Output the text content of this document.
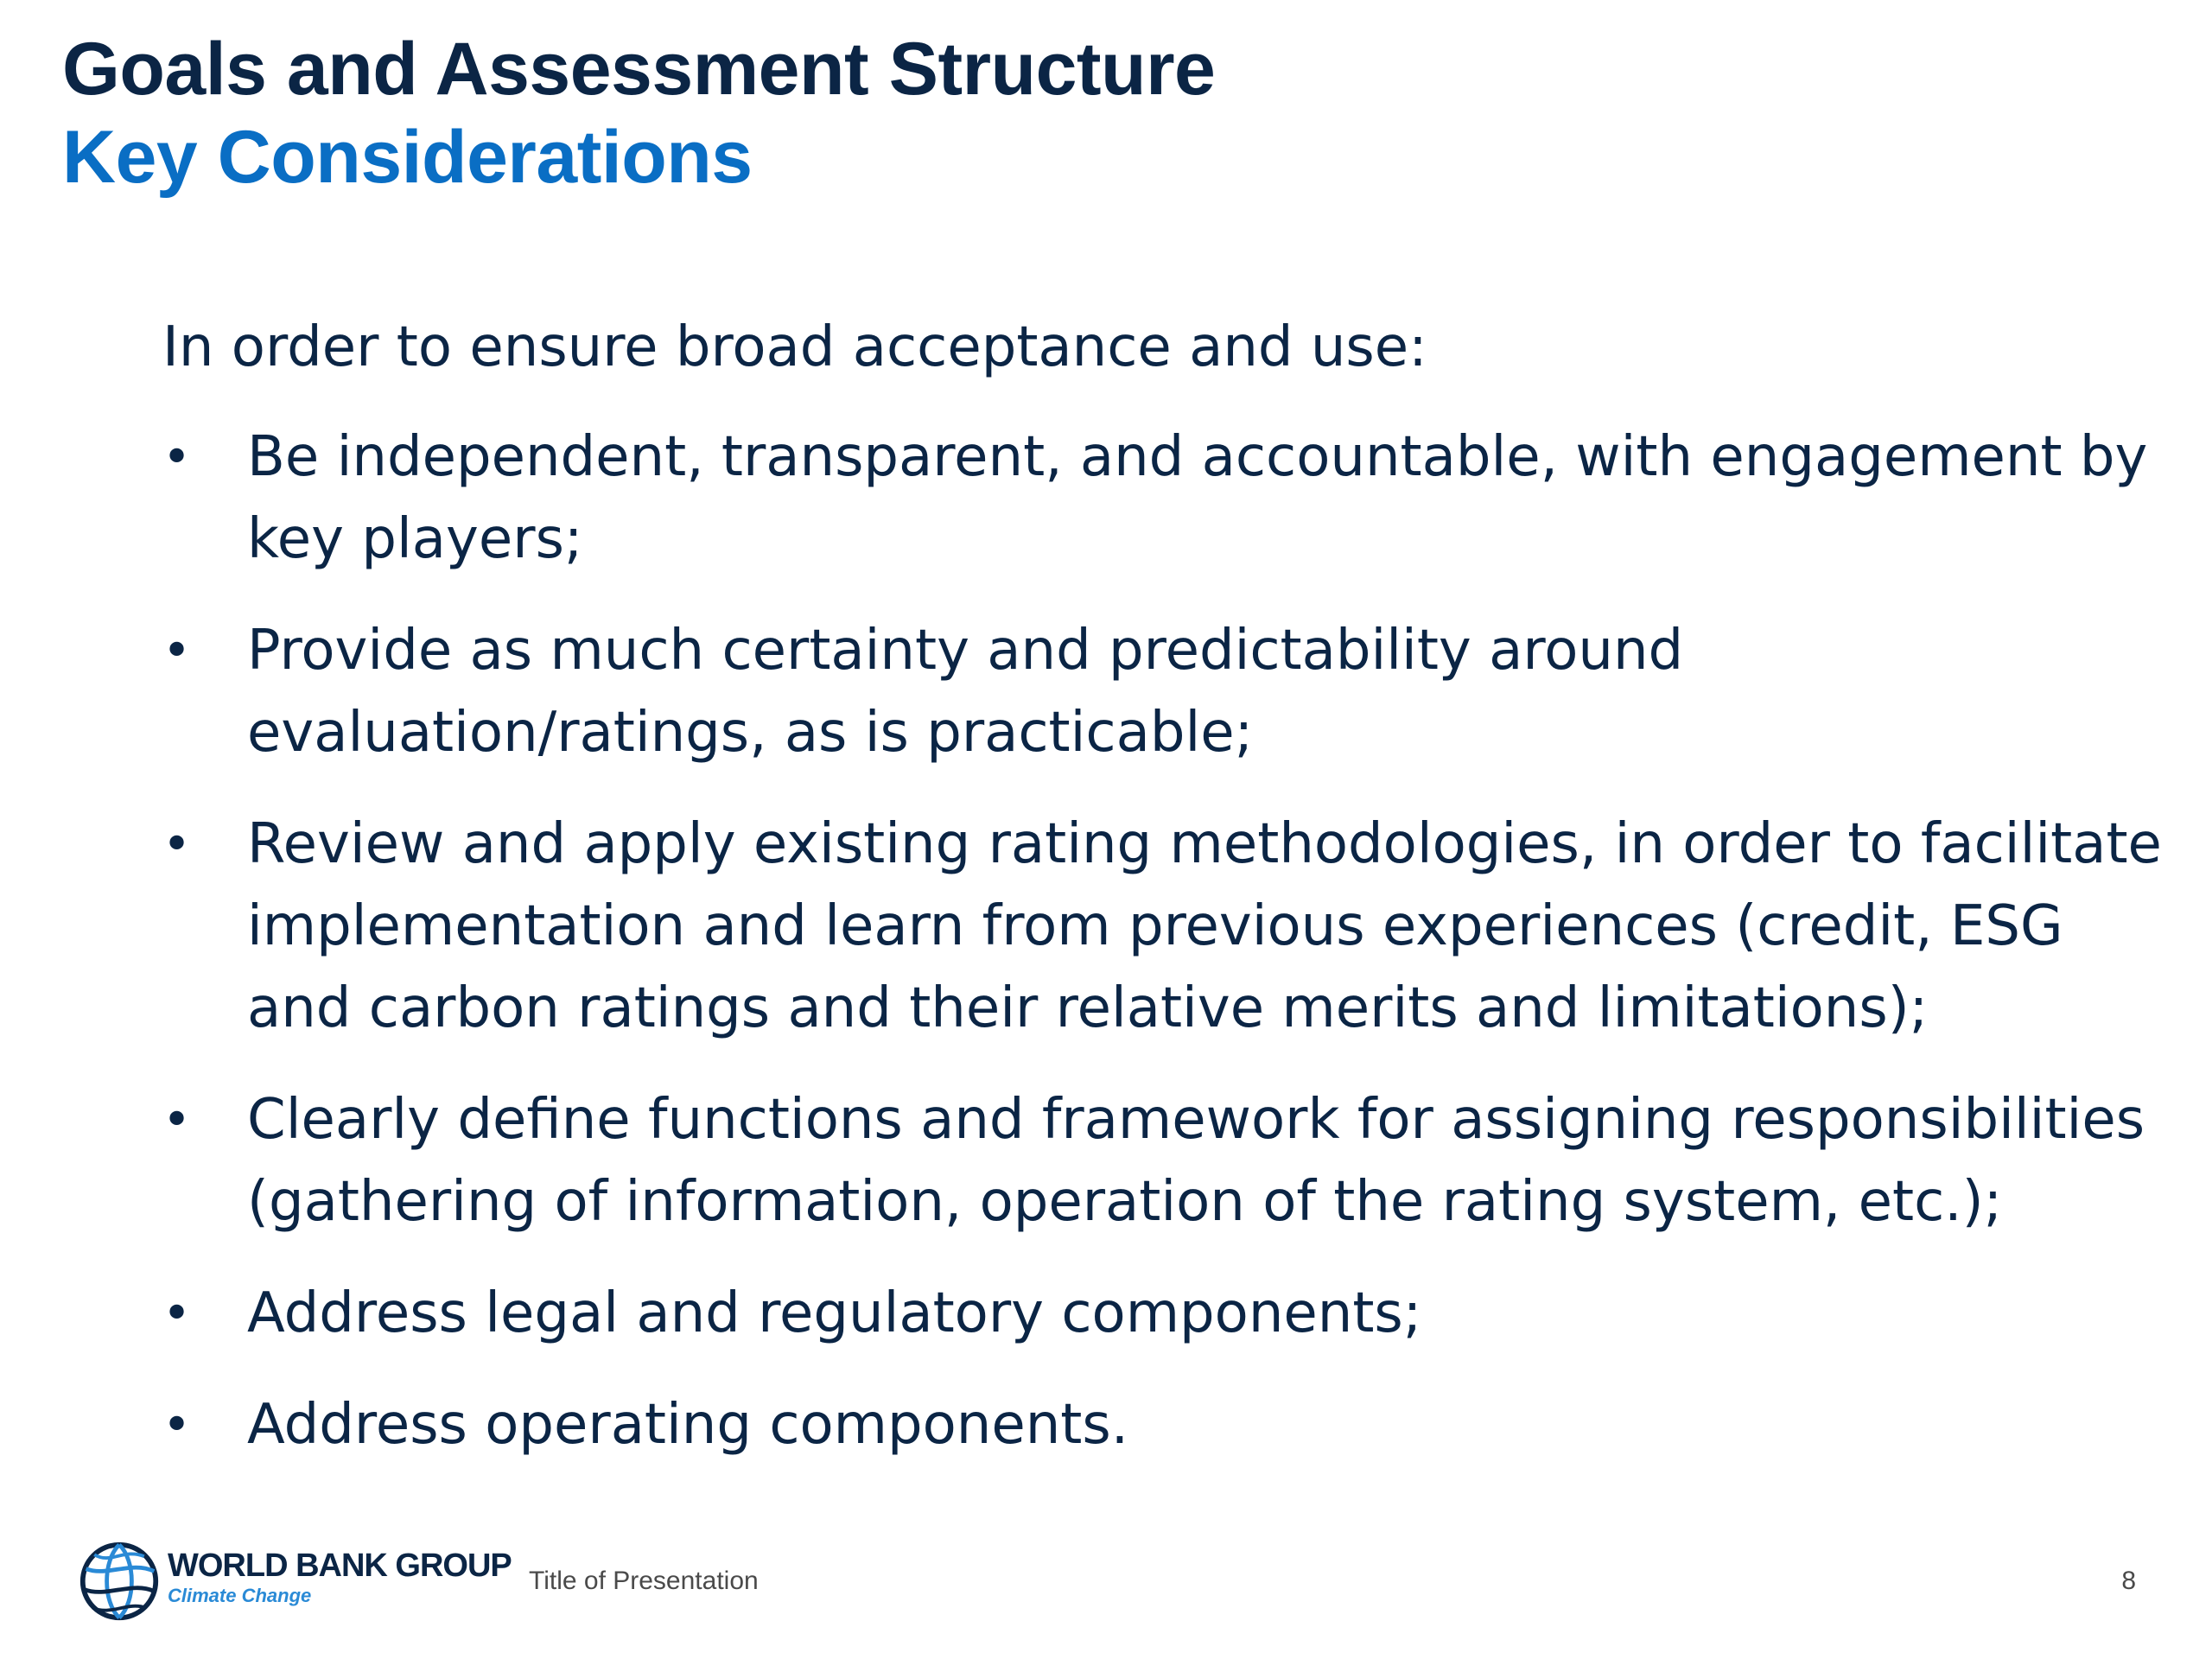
Goals and Assessment Structure
Key Considerations

In order to ensure broad acceptance and use:

• Be independent, transparent, and accountable, with engagement by key players;
• Provide as much certainty and predictability around evaluation/ratings, as is practicable;
• Review and apply existing rating methodologies, in order to facilitate implementation and learn from previous experiences (credit, ESG and carbon ratings and their relative merits and limitations);
• Clearly define functions and framework for assigning responsibilities (gathering of information, operation of the rating system, etc.);
• Address legal and regulatory components;
• Address operating components.
WORLD BANK GROUP
Climate Change
Title of Presentation	8
